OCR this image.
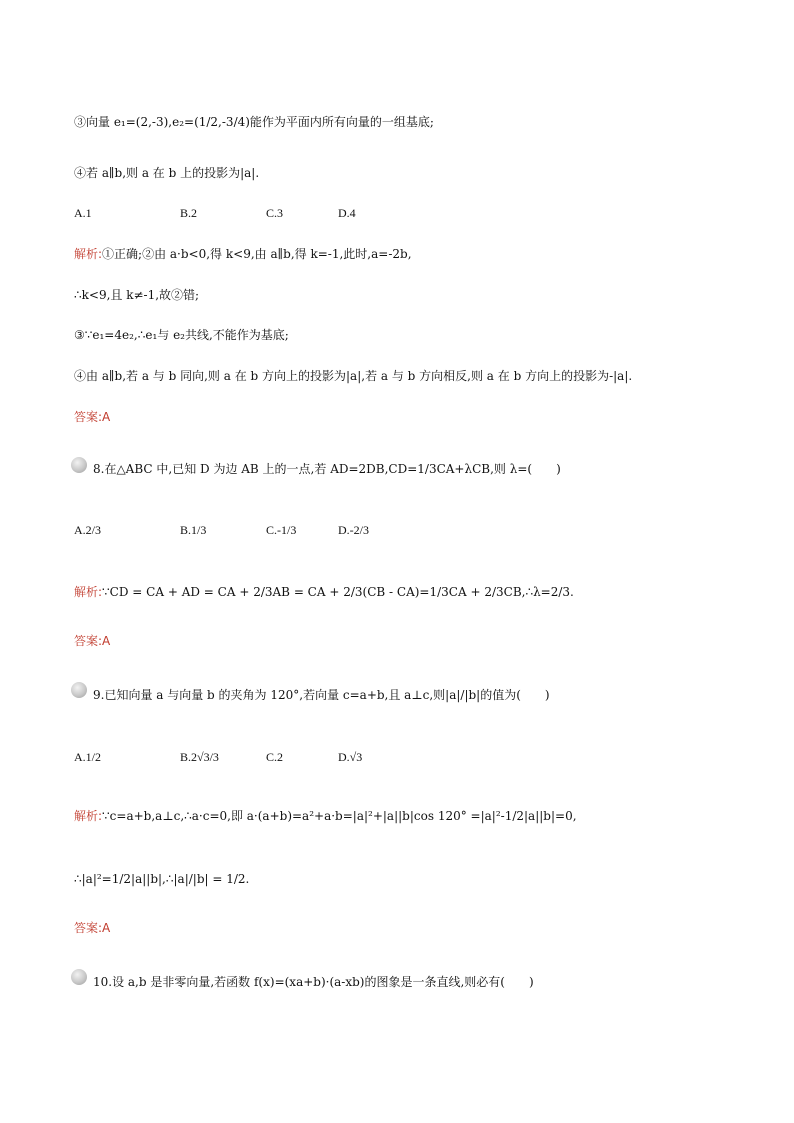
③向量 e₁=(2,-3),e₂=(1/2,-3/4)能作为平面内所有向量的一组基底;
④若 a∥b,则 a 在 b 上的投影为|a|.
A.1	B.2	C.3	D.4
解析:①正确;②由 a·b<0,得 k<9,由 a∥b,得 k=-1,此时,a=-2b,
∴k<9,且 k≠-1,故②错;
③∵e₁=4e₂,∴e₁与 e₂共线,不能作为基底;
④由 a∥b,若 a 与 b 同向,则 a 在 b 方向上的投影为|a|,若 a 与 b 方向相反,则 a 在 b 方向上的投影为-|a|.
答案:A
8.在△ABC 中,已知 D 为边 AB 上的一点,若 AD=2DB,CD=1/3CA+λCB,则 λ=(　　)
A.2/3	B.1/3	C.-1/3	D.-2/3
解析:∵CD = CA + AD = CA + 2/3AB = CA + 2/3(CB - CA)=1/3CA + 2/3CB,∴λ=2/3.
答案:A
9.已知向量 a 与向量 b 的夹角为 120°,若向量 c=a+b,且 a⊥c,则|a|/|b|的值为(　　)
A.1/2	B.2√3/3	C.2	D.√3
解析:∵c=a+b,a⊥c,∴a·c=0,即 a·(a+b)=a²+a·b=|a|²+|a||b|cos 120° =|a|²-1/2|a||b|=0,
∴|a|²=1/2|a||b|,∴|a|/|b| = 1/2.
答案:A
10.设 a,b 是非零向量,若函数 f(x)=(xa+b)·(a-xb)的图象是一条直线,则必有(　　)
